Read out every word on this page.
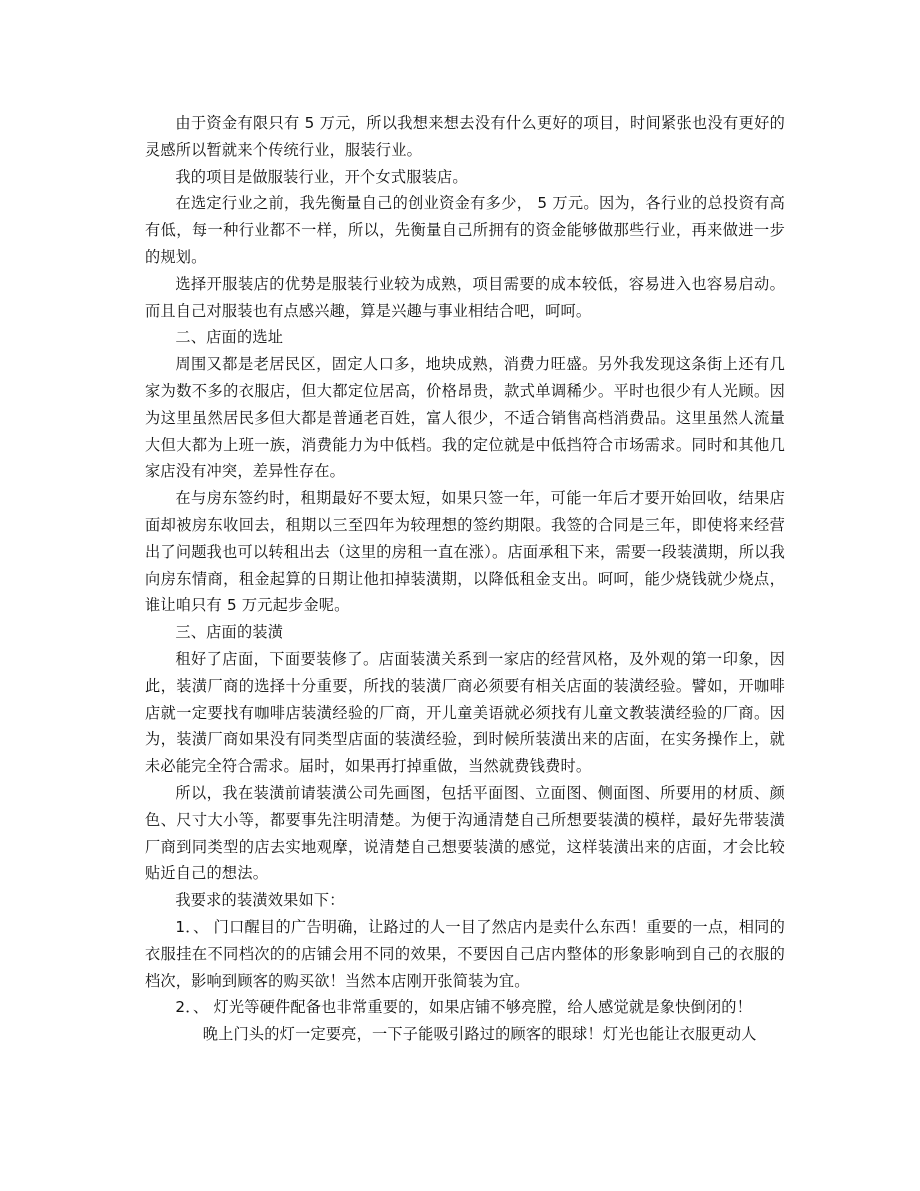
由于资金有限只有 5 万元，所以我想来想去没有什么更好的项目，时间紧张也没有更好的灵感所以暂就来个传统行业，服装行业。

我的项目是做服装行业，开个女式服装店。

在选定行业之前，我先衡量自己的创业资金有多少， 5 万元。因为，各行业的总投资有高有低，每一种行业都不一样，所以，先衡量自己所拥有的资金能够做那些行业，再来做进一步的规划。

选择开服装店的优势是服装行业较为成熟，项目需要的成本较低，容易进入也容易启动。而且自己对服装也有点感兴趣，算是兴趣与事业相结合吧，呵呵。

二、店面的选址

周围又都是老居民区，固定人口多，地块成熟，消费力旺盛。另外我发现这条街上还有几家为数不多的衣服店，但大都定位居高，价格昂贵，款式单调稀少。平时也很少有人光顾。因为这里虽然居民多但大都是普通老百姓，富人很少，不适合销售高档消费品。这里虽然人流量大但大都为上班一族，消费能力为中低档。我的定位就是中低挡符合市场需求。同时和其他几家店没有冲突，差异性存在。

在与房东签约时，租期最好不要太短，如果只签一年，可能一年后才要开始回收，结果店面却被房东收回去，租期以三至四年为较理想的签约期限。我签的合同是三年，即使将来经营出了问题我也可以转租出去（这里的房租一直在涨）。店面承租下来，需要一段装潢期，所以我向房东情商，租金起算的日期让他扣掉装潢期，以降低租金支出。呵呵，能少烧钱就少烧点，谁让咱只有 5 万元起步金呢。

三、店面的装潢

租好了店面，下面要装修了。店面装潢关系到一家店的经营风格，及外观的第一印象，因此，装潢厂商的选择十分重要，所找的装潢厂商必须要有相关店面的装潢经验。譬如，开咖啡店就一定要找有咖啡店装潢经验的厂商，开儿童美语就必须找有儿童文教装潢经验的厂商。因为，装潢厂商如果没有同类型店面的装潢经验，到时候所装潢出来的店面，在实务操作上，就未必能完全符合需求。届时，如果再打掉重做，当然就费钱费时。

所以，我在装潢前请装潢公司先画图，包括平面图、立面图、侧面图、所要用的材质、颜色、尺寸大小等，都要事先注明清楚。为便于沟通清楚自己所想要装潢的模样，最好先带装潢厂商到同类型的店去实地观摩，说清楚自己想要装潢的感觉，这样装潢出来的店面，才会比较贴近自己的想法。

我要求的装潢效果如下：

1．、 门口醒目的广告明确，让路过的人一目了然店内是卖什么东西！重要的一点，相同的衣服挂在不同档次的的店铺会用不同的效果，不要因自己店内整体的形象影响到自己的衣服的档次，影响到顾客的购买欲！当然本店刚开张简装为宜。

2．、 灯光等硬件配备也非常重要的，如果店铺不够亮膛，给人感觉就是象快倒闭的！

晚上门头的灯一定要亮，一下子能吸引路过的顾客的眼球！灯光也能让衣服更动人
